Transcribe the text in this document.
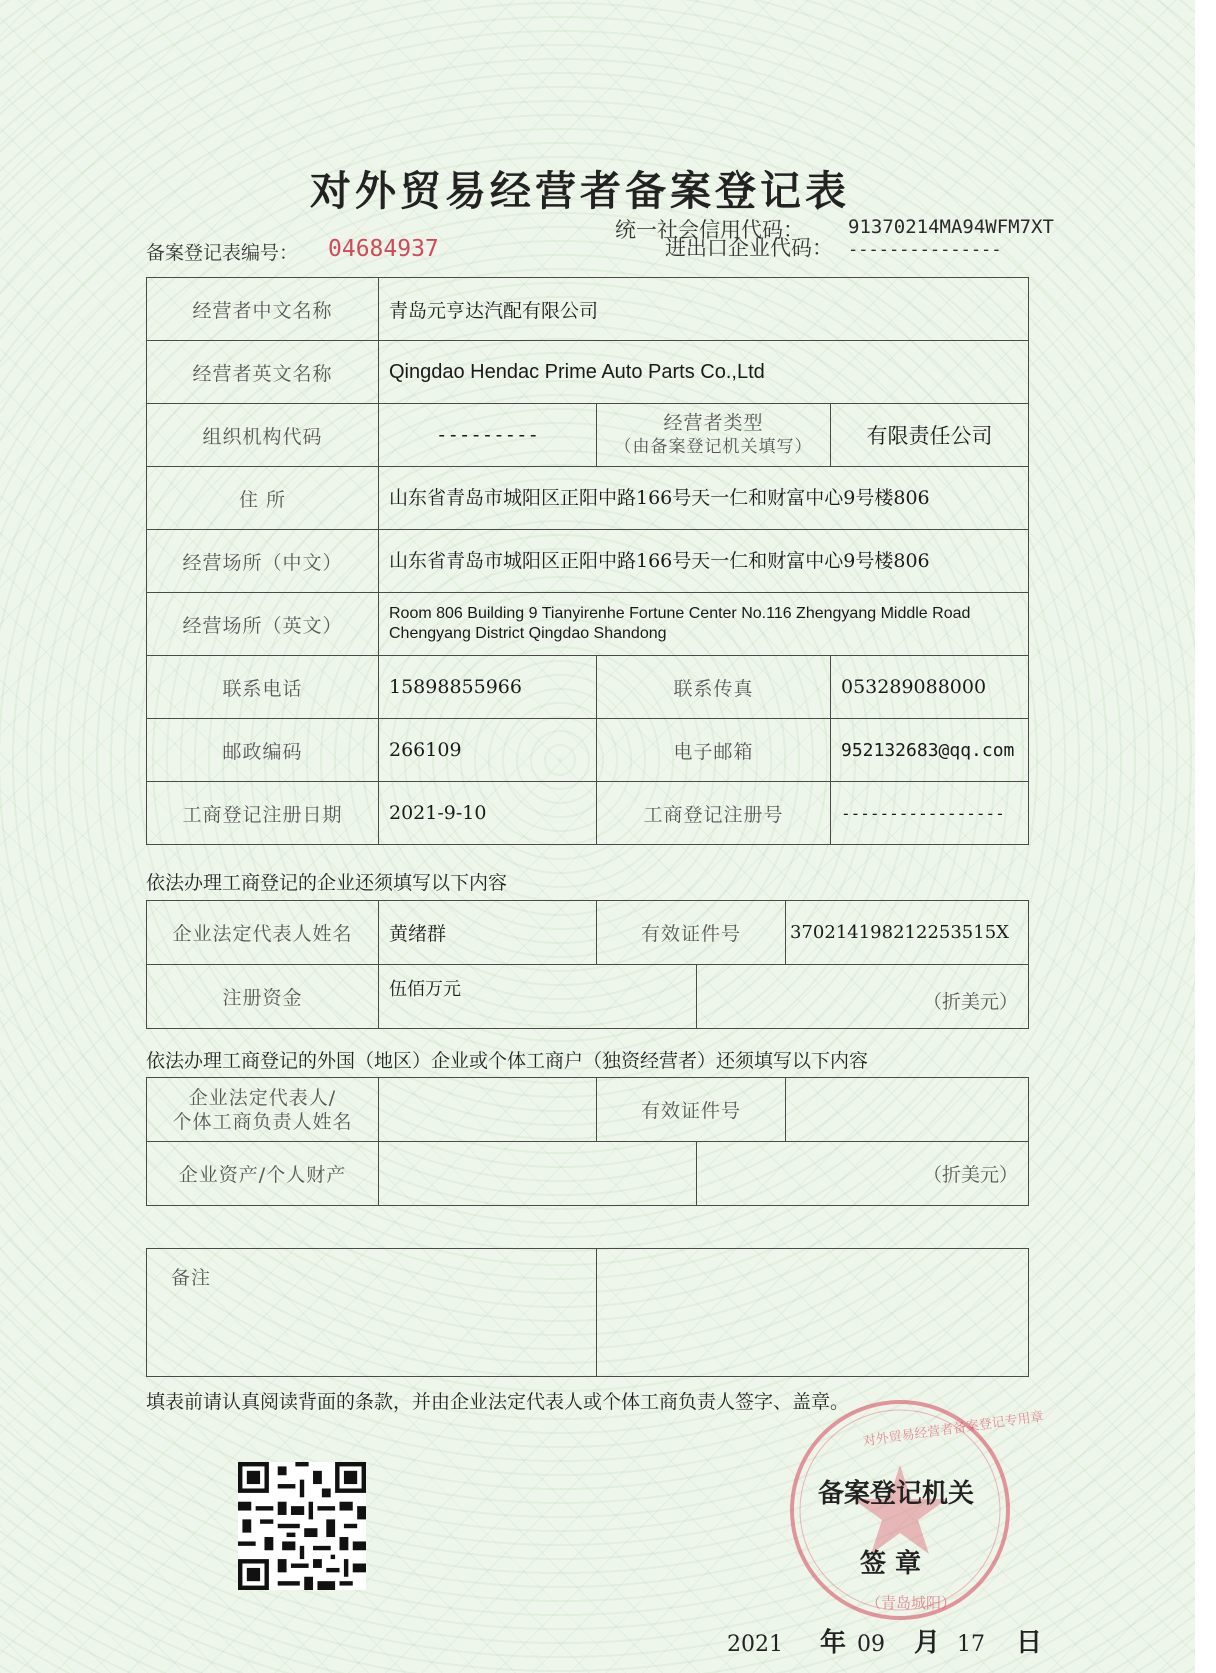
对外贸易经营者备案登记表
备案登记表编号： 04684937
统一社会信用代码： 91370214MA94WFM7XT
进出口企业代码： ---------------
经营者中文名称	青岛元亨达汽配有限公司		
经营者英文名称	Qingdao Hendac Prime Auto Parts Co.,Ltd		
组织机构代码	---------	经营者类型
（由备案登记机关填写）	有限责任公司
住 所	山东省青岛市城阳区正阳中路166号天一仁和财富中心9号楼806		
经营场所（中文）	山东省青岛市城阳区正阳中路166号天一仁和财富中心9号楼806		
经营场所（英文）	Room 806 Building 9 Tianyirenhe Fortune Center No.116 Zhengyang Middle Road Chengyang District Qingdao Shandong		
联系电话	15898855966	联系传真	053289088000
邮政编码	266109	电子邮箱	952132683@qq.com
工商登记注册日期	2021-9-10	工商登记注册号	-----------------
依法办理工商登记的企业还须填写以下内容
企业法定代表人姓名	黄绪群	有效证件号		370214198212253515X
注册资金	伍佰万元		（折美元）	
依法办理工商登记的外国（地区）企业或个体工商户（独资经营者）还须填写以下内容
企业法定代表人/
个体工商负责人姓名		有效证件号		
企业资产/个人财产			（折美元）	
备注	
填表前请认真阅读背面的条款，并由企业法定代表人或个体工商负责人签字、盖章。
对外贸易经营者备案登记专用章
（青岛城阳）
备案登记机关
签 章
2021 年 09 月 17 日
